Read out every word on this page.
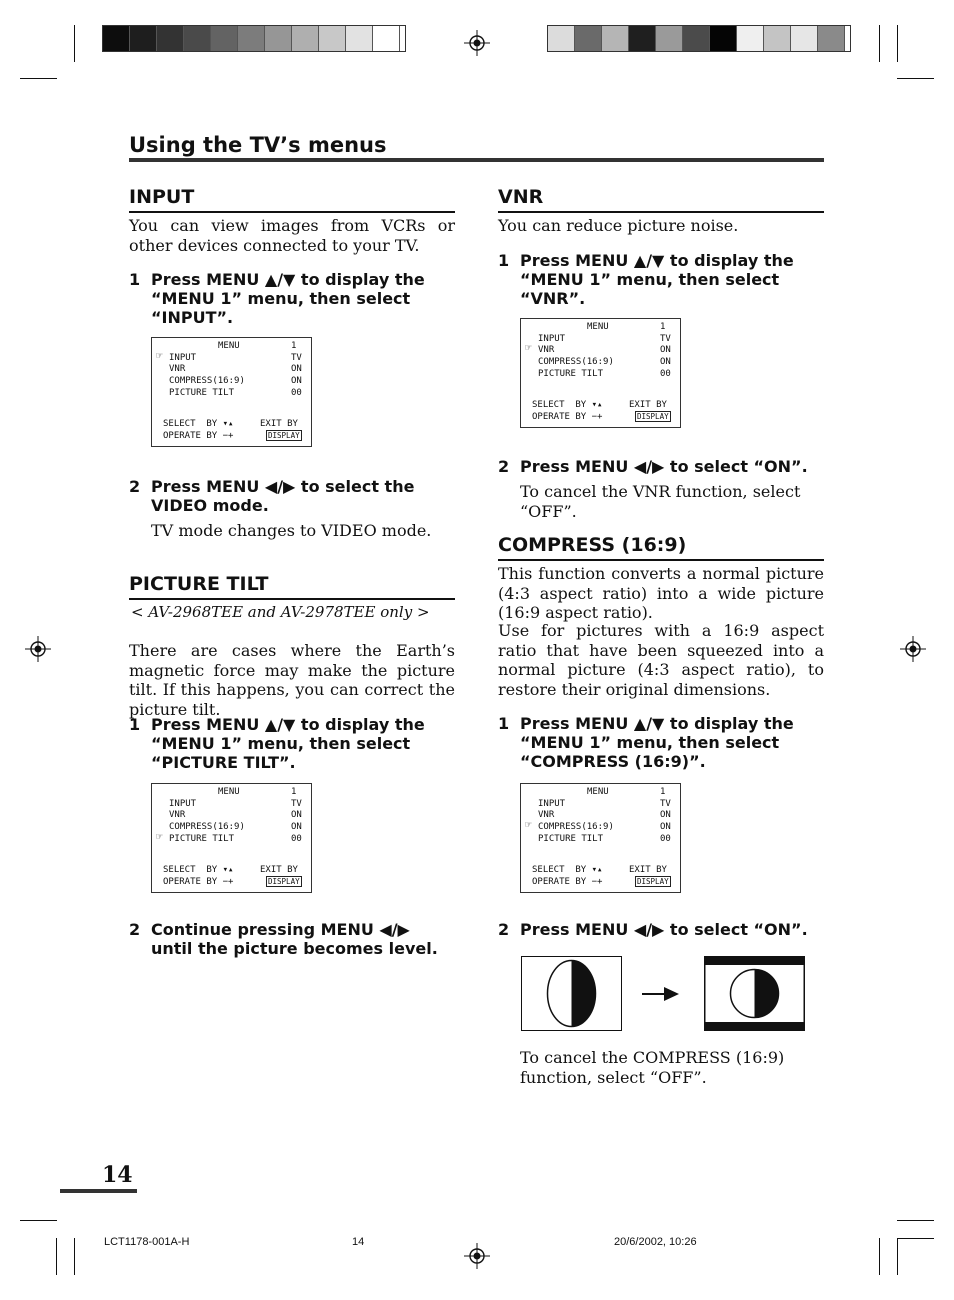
Using the TV’s menus
INPUT
You can view images from VCRs or other devices connected to your TV.
1 Press MENU ▲/▼ to display the “MENU 1” menu, then select “INPUT”.
MENU	1
☞ INPUT	TV
VNR	ON
COMPRESS(16:9)	ON
PICTURE TILT	00
SELECT  BY ▾▴	EXIT BY
OPERATE BY −+	DISPLAY
2 Press MENU ◀/▶ to select the VIDEO mode.
TV mode changes to VIDEO mode.
PICTURE TILT
< AV-2968TEE and AV-2978TEE only >
There are cases where the Earth’s magnetic force may make the picture tilt. If this happens, you can correct the picture tilt.
1 Press MENU ▲/▼ to display the “MENU 1” menu, then select “PICTURE TILT”.
MENU	1
INPUT	TV
VNR	ON
COMPRESS(16:9)	ON
☞ PICTURE TILT	00
SELECT  BY ▾▴	EXIT BY
OPERATE BY −+	DISPLAY
2 Continue pressing MENU ◀/▶ until the picture becomes level.
VNR
You can reduce picture noise.
1 Press MENU ▲/▼ to display the “MENU 1” menu, then select “VNR”.
MENU	1
INPUT	TV
☞ VNR	ON
COMPRESS(16:9)	ON
PICTURE TILT	00
SELECT  BY ▾▴	EXIT BY
OPERATE BY −+	DISPLAY
2 Press MENU ◀/▶ to select “ON”.
To cancel the VNR function, select “OFF”.
COMPRESS (16:9)
This function converts a normal picture (4:3 aspect ratio) into a wide picture (16:9 aspect ratio).
Use for pictures with a 16:9 aspect ratio that have been squeezed into a normal picture (4:3 aspect ratio), to restore their original dimensions.
1 Press MENU ▲/▼ to display the “MENU 1” menu, then select “COMPRESS (16:9)”.
MENU	1
INPUT	TV
VNR	ON
☞ COMPRESS(16:9)	ON
PICTURE TILT	00
SELECT  BY ▾▴	EXIT BY
OPERATE BY −+	DISPLAY
2 Press MENU ◀/▶ to select “ON”.
To cancel the COMPRESS (16:9) function, select “OFF”.
14
LCT1178-001A-H	14	20/6/2002, 10:26
